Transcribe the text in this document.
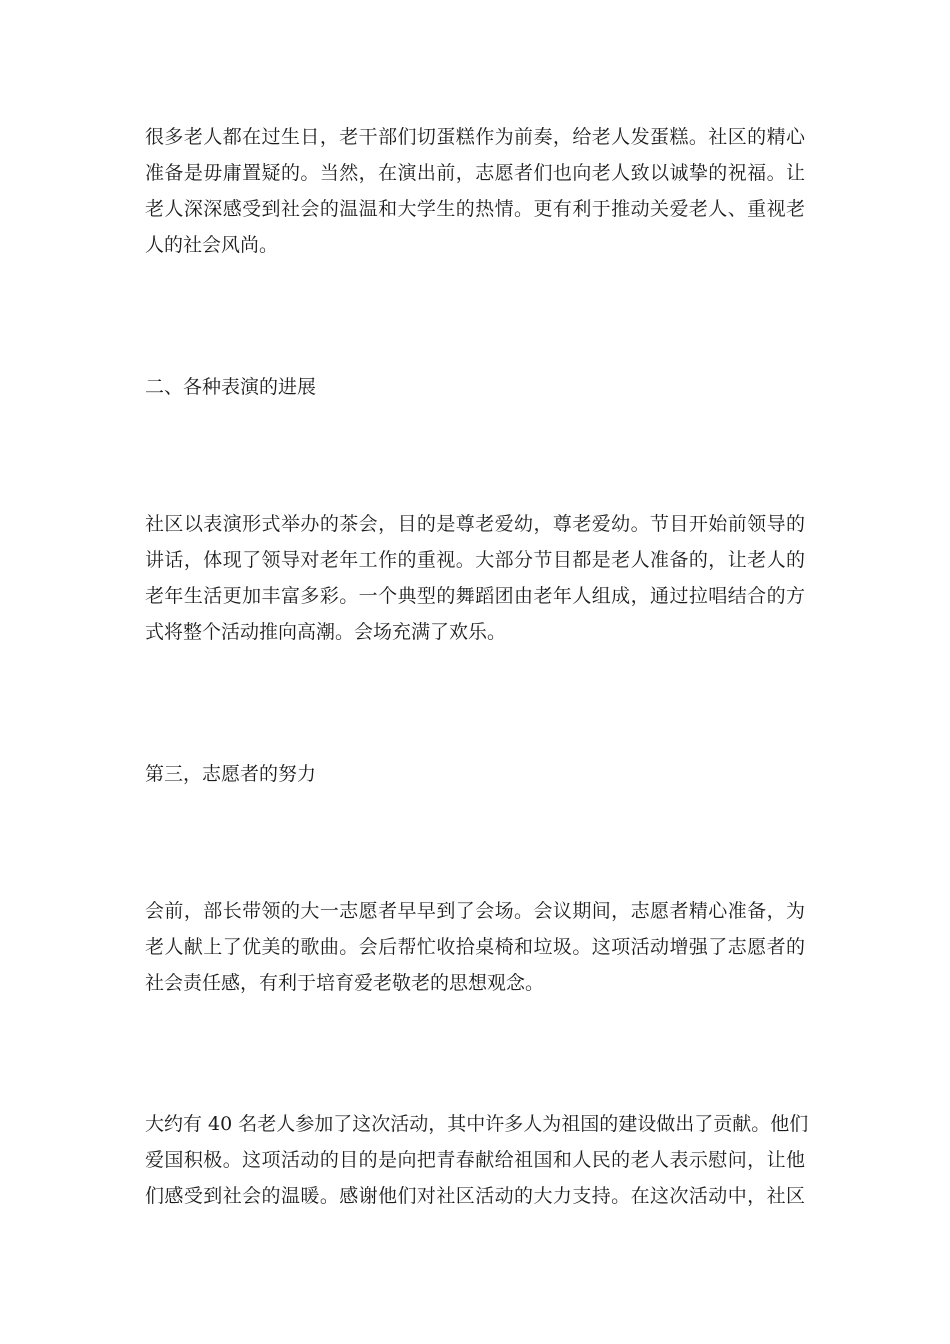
很多老人都在过生日，老干部们切蛋糕作为前奏，给老人发蛋糕。社区的精心
准备是毋庸置疑的。当然，在演出前，志愿者们也向老人致以诚挚的祝福。让
老人深深感受到社会的温温和大学生的热情。更有利于推动关爱老人、重视老
人的社会风尚。
二、各种表演的进展
社区以表演形式举办的茶会，目的是尊老爱幼，尊老爱幼。节目开始前领导的
讲话，体现了领导对老年工作的重视。大部分节目都是老人准备的，让老人的
老年生活更加丰富多彩。一个典型的舞蹈团由老年人组成，通过拉唱结合的方
式将整个活动推向高潮。会场充满了欢乐。
第三，志愿者的努力
会前，部长带领的大一志愿者早早到了会场。会议期间，志愿者精心准备，为
老人献上了优美的歌曲。会后帮忙收拾桌椅和垃圾。这项活动增强了志愿者的
社会责任感，有利于培育爱老敬老的思想观念。
大约有 40 名老人参加了这次活动，其中许多人为祖国的建设做出了贡献。他们
爱国积极。这项活动的目的是向把青春献给祖国和人民的老人表示慰问，让他
们感受到社会的温暖。感谢他们对社区活动的大力支持。在这次活动中，社区
